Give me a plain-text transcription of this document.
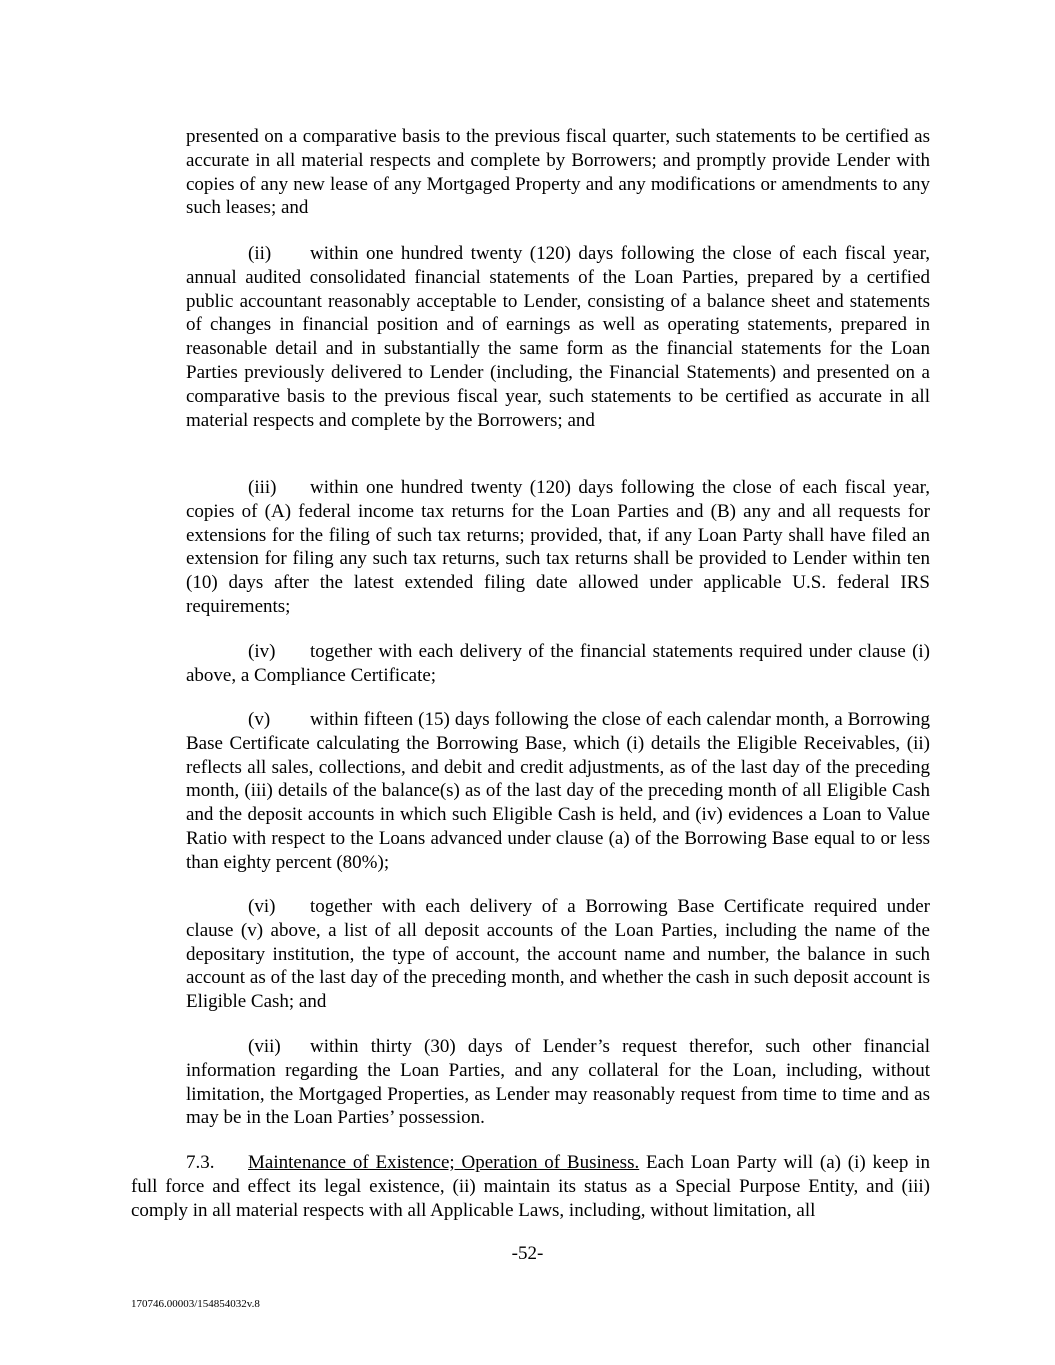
presented on a comparative basis to the previous fiscal quarter, such statements to be certified as accurate in all material respects and complete by Borrowers; and promptly provide Lender with copies of any new lease of any Mortgaged Property and any modifications or amendments to any such leases; and

(ii) within one hundred twenty (120) days following the close of each fiscal year, annual audited consolidated financial statements of the Loan Parties, prepared by a certified public accountant reasonably acceptable to Lender, consisting of a balance sheet and statements of changes in financial position and of earnings as well as operating statements, prepared in reasonable detail and in substantially the same form as the financial statements for the Loan Parties previously delivered to Lender (including, the Financial Statements) and presented on a comparative basis to the previous fiscal year, such statements to be certified as accurate in all material respects and complete by the Borrowers; and

(iii) within one hundred twenty (120) days following the close of each fiscal year, copies of (A) federal income tax returns for the Loan Parties and (B) any and all requests for extensions for the filing of such tax returns; provided, that, if any Loan Party shall have filed an extension for filing any such tax returns, such tax returns shall be provided to Lender within ten (10) days after the latest extended filing date allowed under applicable U.S. federal IRS requirements;

(iv) together with each delivery of the financial statements required under clause (i) above, a Compliance Certificate;

(v) within fifteen (15) days following the close of each calendar month, a Borrowing Base Certificate calculating the Borrowing Base, which (i) details the Eligible Receivables, (ii) reflects all sales, collections, and debit and credit adjustments, as of the last day of the preceding month, (iii) details of the balance(s) as of the last day of the preceding month of all Eligible Cash and the deposit accounts in which such Eligible Cash is held, and (iv) evidences a Loan to Value Ratio with respect to the Loans advanced under clause (a) of the Borrowing Base equal to or less than eighty percent (80%);

(vi) together with each delivery of a Borrowing Base Certificate required under clause (v) above, a list of all deposit accounts of the Loan Parties, including the name of the depositary institution, the type of account, the account name and number, the balance in such account as of the last day of the preceding month, and whether the cash in such deposit account is Eligible Cash; and

(vii) within thirty (30) days of Lender’s request therefor, such other financial information regarding the Loan Parties, and any collateral for the Loan, including, without limitation, the Mortgaged Properties, as Lender may reasonably request from time to time and as may be in the Loan Parties’ possession.

7.3. Maintenance of Existence; Operation of Business. Each Loan Party will (a) (i) keep in full force and effect its legal existence, (ii) maintain its status as a Special Purpose Entity, and (iii) comply in all material respects with all Applicable Laws, including, without limitation, all

-52-
170746.00003/154854032v.8
